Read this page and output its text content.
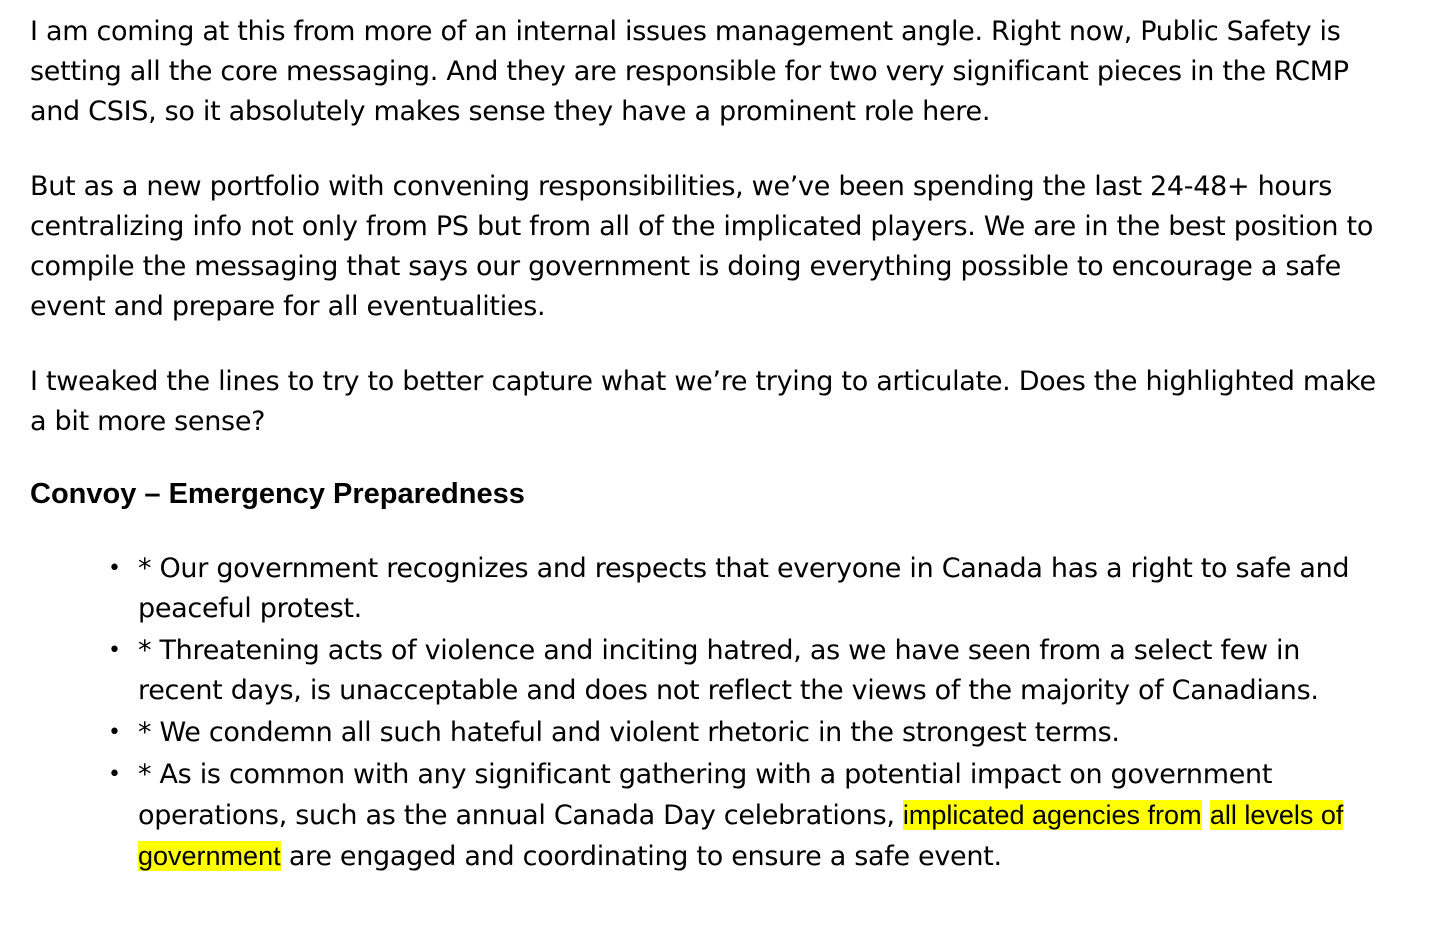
I am coming at this from more of an internal issues management angle. Right now, Public Safety is setting all the core messaging. And they are responsible for two very significant pieces in the RCMP and CSIS, so it absolutely makes sense they have a prominent role here.

But as a new portfolio with convening responsibilities, we’ve been spending the last 24-48+ hours centralizing info not only from PS but from all of the implicated players. We are in the best position to compile the messaging that says our government is doing everything possible to encourage a safe event and prepare for all eventualities.

I tweaked the lines to try to better capture what we’re trying to articulate. Does the highlighted make a bit more sense?

Convoy – Emergency Preparedness
• * Our government recognizes and respects that everyone in Canada has a right to safe and peaceful protest.
• * Threatening acts of violence and inciting hatred, as we have seen from a select few in recent days, is unacceptable and does not reflect the views of the majority of Canadians.
• * We condemn all such hateful and violent rhetoric in the strongest terms.
• * As is common with any significant gathering with a potential impact on government operations, such as the annual Canada Day celebrations, implicated agencies from all levels of government are engaged and coordinating to ensure a safe event.
